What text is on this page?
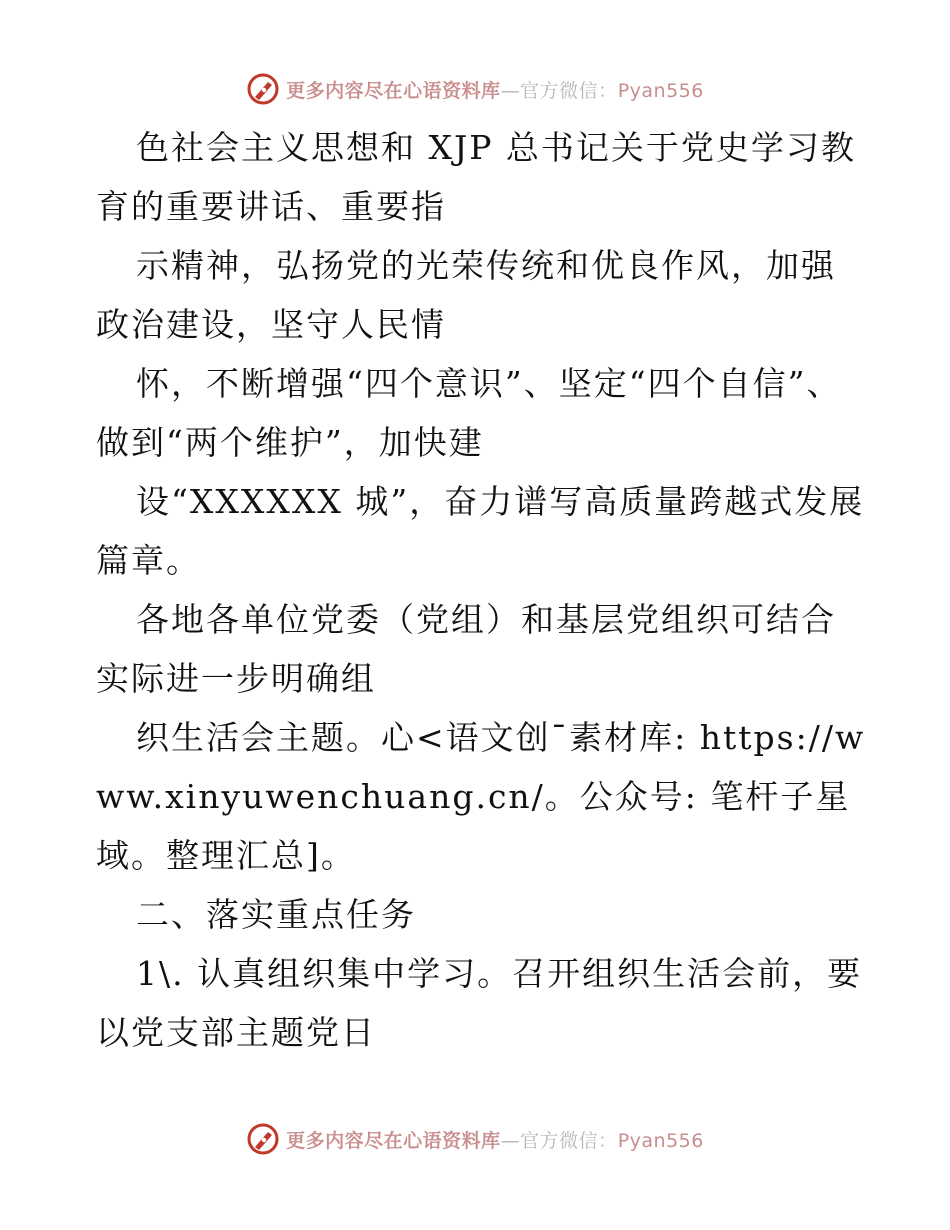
更多内容尽在心语资料库—官方微信：Pyan556

色社会主义思想和 XJP 总书记关于党史学习教育的重要讲话、重要指

示精神，弘扬党的光荣传统和优良作风，加强政治建设，坚守人民情

怀，不断增强“四个意识”、坚定“四个自信”、做到“两个维护”，加快建

设“XXXXXX 城”，奋力谱写高质量跨越式发展篇章。

各地各单位党委（党组）和基层党组织可结合实际进一步明确组

织生活会主题。心<语文创¯素材库: https://www.xinyuwenchuang.cn/。公众号: 笔杆子星域。整理汇总]。

二、落实重点任务

1\. 认真组织集中学习。召开组织生活会前，要以党支部主题党日

更多内容尽在心语资料库—官方微信：Pyan556
